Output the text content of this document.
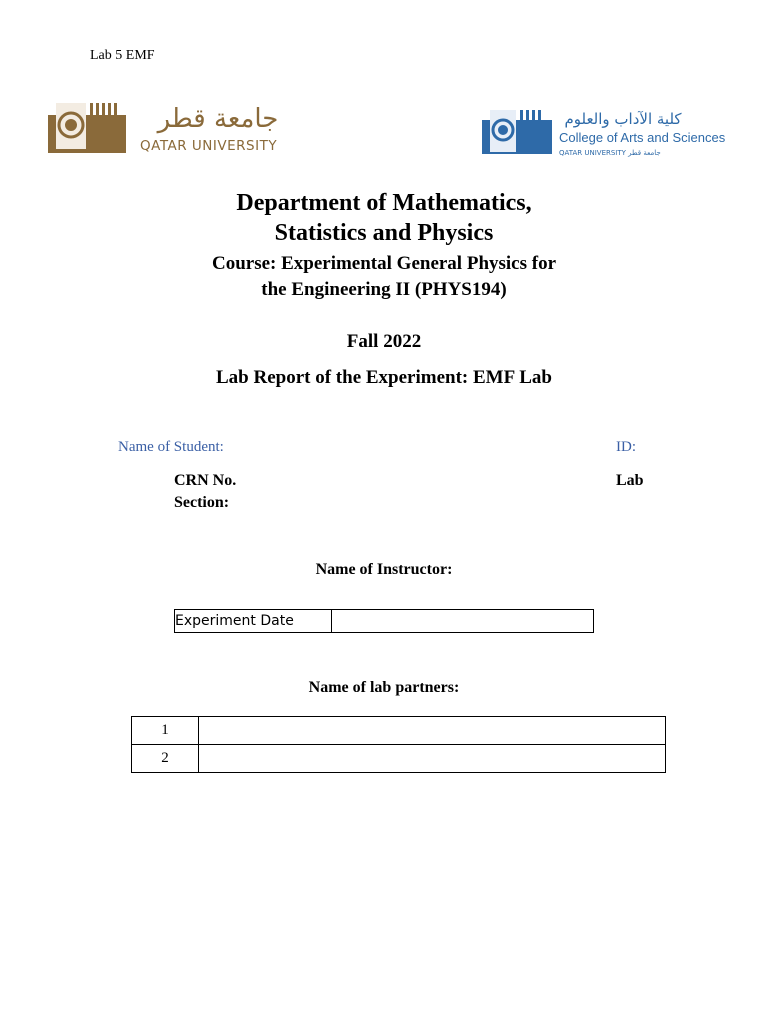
Lab 5 EMF
جامعة قطر
QATAR UNIVERSITY
كلية الآداب والعلوم
College of Arts and Sciences
QATAR UNIVERSITY جامعة قطر
Department of Mathematics,
Statistics and Physics
Course: Experimental General Physics for
the Engineering II (PHYS194)
Fall 2022
Lab Report of the Experiment: EMF Lab
Name of Student:	ID:
CRN No.	Lab
Section:
Name of Instructor:
Experiment Date	
Name of lab partners:
1	
2	
